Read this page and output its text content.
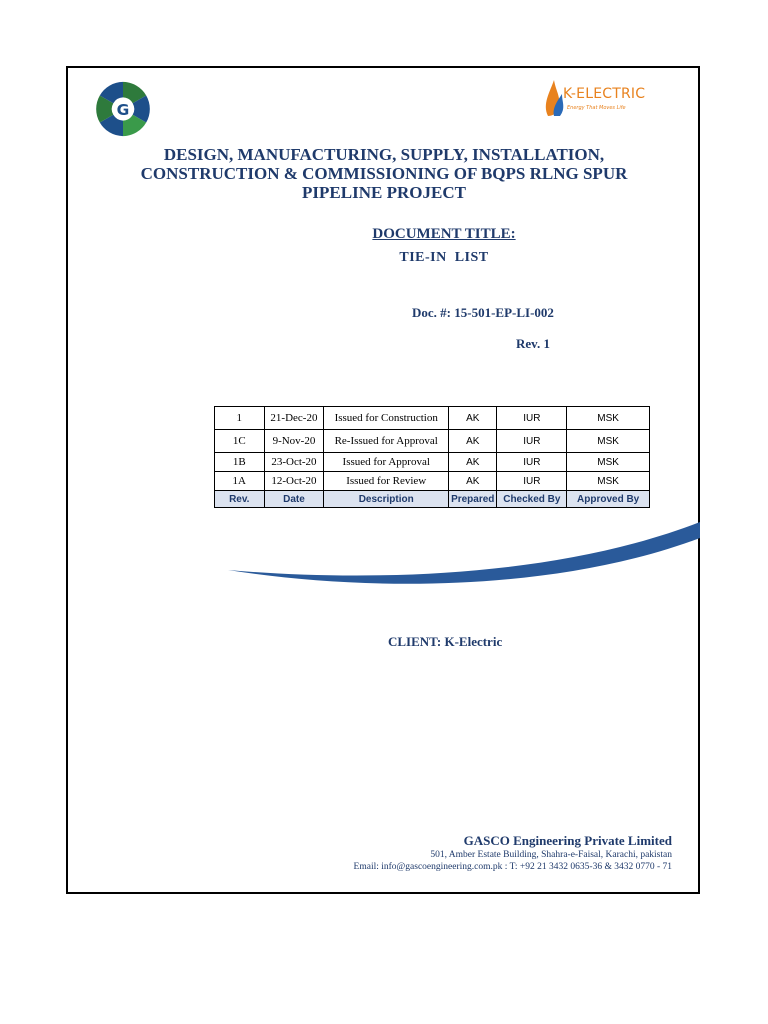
G
K-ELECTRIC
Energy That Moves Life
DESIGN, MANUFACTURING, SUPPLY, INSTALLATION,
CONSTRUCTION & COMMISSIONING OF BQPS RLNG SPUR
PIPELINE PROJECT
DOCUMENT TITLE:
TIE-IN  LIST
Doc. #: 15-501-EP-LI-002
Rev. 1
1	21-Dec-20	Issued for Construction	AK	IUR	MSK
1C	9-Nov-20	Re-Issued for Approval	AK	IUR	MSK
1B	23-Oct-20	Issued for Approval	AK	IUR	MSK
1A	12-Oct-20	Issued for Review	AK	IUR	MSK
Rev.	Date	Description	Prepared	Checked By	Approved By
CLIENT: K-Electric
GASCO Engineering Private Limited
501, Amber Estate Building, Shahra-e-Faisal, Karachi, pakistan
Email: info@gascoengineering.com.pk : T: +92 21 3432 0635-36 & 3432 0770 - 71
